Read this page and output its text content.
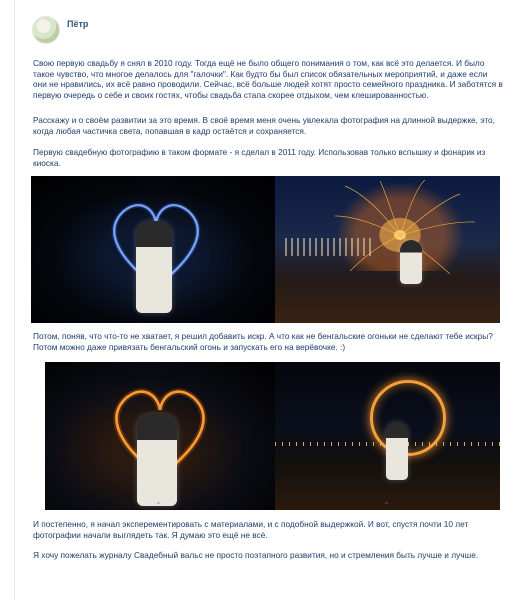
Пётр

Свою первую свадьбу я снял в 2010 году. Тогда ещё не было общего понимания о том, как всё это делается. И было такое чувство, что многое делалось для "галочки". Как будто бы был список обязательных мероприятий, и даже если они не нравились, их всё равно проводили. Сейчас, всё больше людей хотят просто семейного праздника. И заботятся в первую очередь о себе и своих гостях, чтобы свадьба стала скорее отдыхом, чем клешированностью.

Расскажу и о своём развитии за это время. В своё время меня очень увлекала фотография на длинной выдержке, это, когда любая частичка света, попавшая в кадр остаётся и сохраняется.

Первую свадебную фотографию в таком формате - я сделал в 2011 году. Использовав только вспышку и фонарик из киоска.

Потом, поняв, что что-то не хватает, я решил добавить искр. А что как не бенгальские огоньки не сделают тебе искры? Потом можно даже привязать бенгальский огонь и запускать его на верёвочке. :)

^	^

И постепенно, я начал эксперементировать с материалами, и с подобной выдержкой. И вот, спустя почти 10 лет фотографии начали выглядеть так. Я думаю это ещё не всё.

Я хочу пожелать журналу Свадебный вальс не просто поэтапного развития, но и стремления быть лучше и лучше.
